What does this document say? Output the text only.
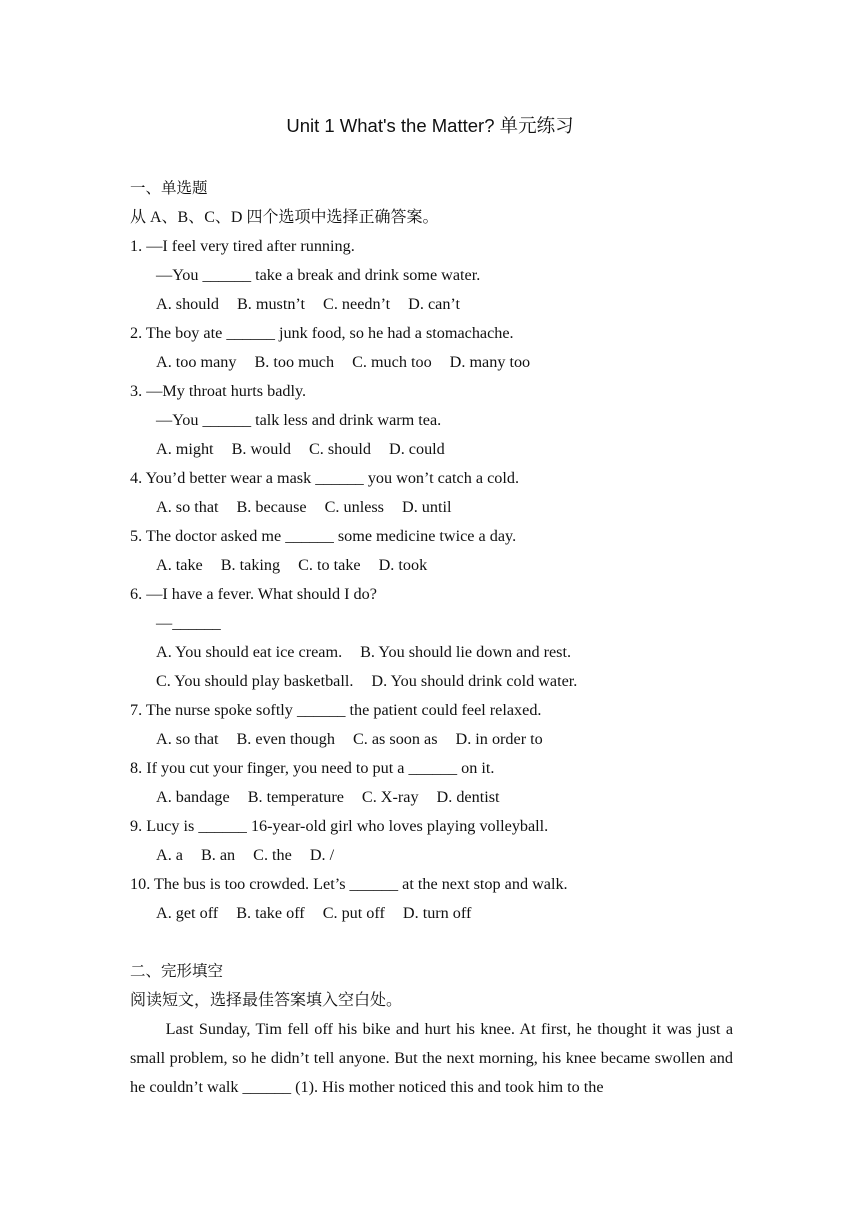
Unit 1 What's the Matter? 单元练习
一、单选题
从 A、B、C、D 四个选项中选择正确答案。
1. —I feel very tired after running.
—You ______ take a break and drink some water.
A. should B. mustn’t C. needn’t D. can’t
2. The boy ate ______ junk food, so he had a stomachache.
A. too many B. too much C. much too D. many too
3. —My throat hurts badly.
—You ______ talk less and drink warm tea.
A. might B. would C. should D. could
4. You’d better wear a mask ______ you won’t catch a cold.
A. so that B. because C. unless D. until
5. The doctor asked me ______ some medicine twice a day.
A. take B. taking C. to take D. took
6. —I have a fever. What should I do?
—______
A. You should eat ice cream. B. You should lie down and rest.
C. You should play basketball. D. You should drink cold water.
7. The nurse spoke softly ______ the patient could feel relaxed.
A. so that B. even though C. as soon as D. in order to
8. If you cut your finger, you need to put a ______ on it.
A. bandage B. temperature C. X-ray D. dentist
9. Lucy is ______ 16-year-old girl who loves playing volleyball.
A. a B. an C. the D. /
10. The bus is too crowded. Let’s ______ at the next stop and walk.
A. get off B. take off C. put off D. turn off
二、完形填空
阅读短文，选择最佳答案填入空白处。
Last Sunday, Tim fell off his bike and hurt his knee. At first, he thought it was just a small problem, so he didn’t tell anyone. But the next morning, his knee became swollen and he couldn’t walk ______ (1). His mother noticed this and took him to the
